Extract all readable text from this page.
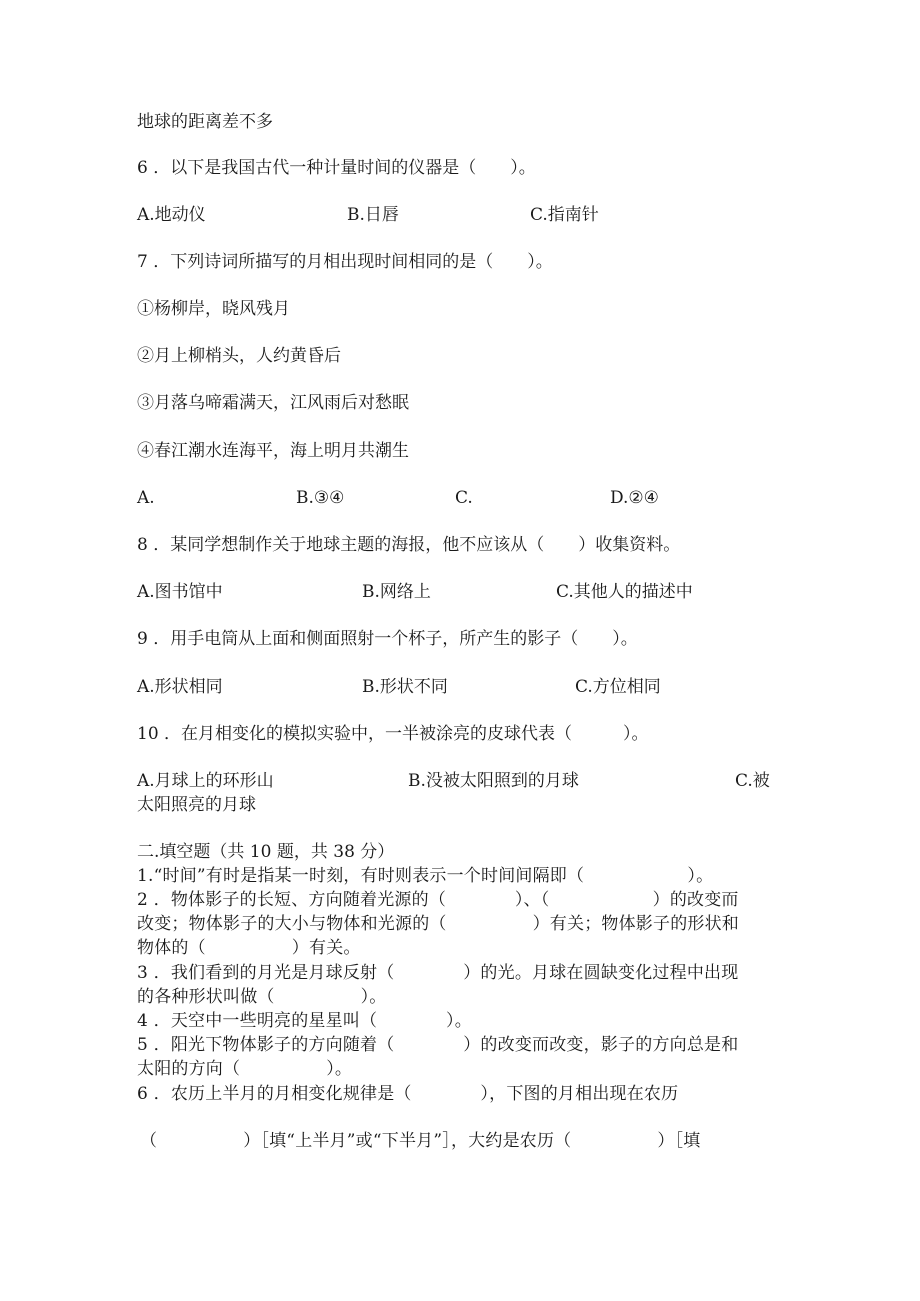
地球的距离差不多
6 ．以下是我国古代一种计量时间的仪器是（　　）。
A.地动仪	B.日唇	C.指南针
7 ．下列诗词所描写的月相出现时间相同的是（　　）。
①杨柳岸，晓风残月
②月上柳梢头，人约黄昏后
③月落乌啼霜满天，江风雨后对愁眠
④春江潮水连海平，海上明月共潮生
A.	B.③④	C.	D.②④
8 ．某同学想制作关于地球主题的海报，他不应该从（　　）收集资料。
A.图书馆中	B.网络上	C.其他人的描述中
9 ．用手电筒从上面和侧面照射一个杯子，所产生的影子（　　）。
A.形状相同	B.形状不同	C.方位相同
10 ．在月相变化的模拟实验中，一半被涂亮的皮球代表（　　　）。
A.月球上的环形山	B.没被太阳照到的月球	C.被
太阳照亮的月球
二.填空题（共 10 题，共 38 分）
1.“时间”有时是指某一时刻，有时则表示一个时间间隔即（　　　　　　）。
2 ．物体影子的长短、方向随着光源的（　　　　）、（　　　　　　）的改变而
改变；物体影子的大小与物体和光源的（　　　　　）有关；物体影子的形状和
物体的（　　　　　）有关。
3 ．我们看到的月光是月球反射（　　　　）的光。月球在圆缺变化过程中出现
的各种形状叫做（　　　　　）。
4 ．天空中一些明亮的星星叫（　　　　）。
5 ．阳光下物体影子的方向随着（　　　　）的改变而改变，影子的方向总是和
太阳的方向（　　　　　）。
6 ．农历上半月的月相变化规律是（　　　　），下图的月相出现在农历
（　　　　　）［填“上半月”或“下半月”］，大约是农历（　　　　　）［填
